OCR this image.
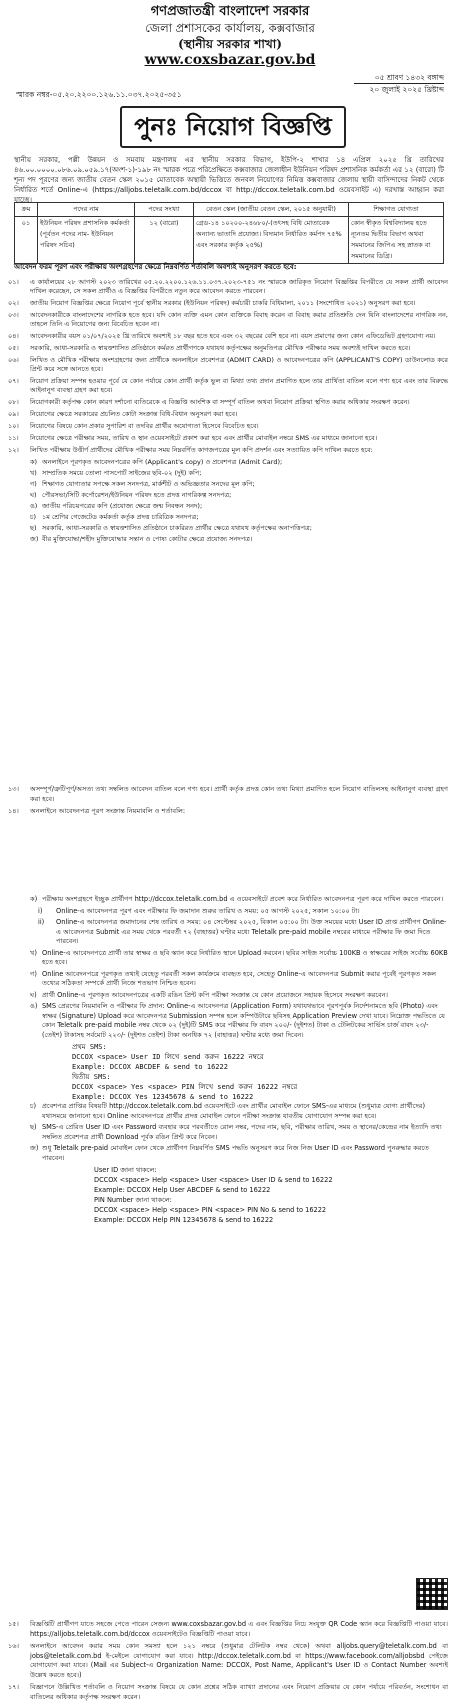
গণপ্রজাতন্ত্রী বাংলাদেশ সরকার
জেলা প্রশাসকের কার্যালয়, কক্সবাজার
(স্থানীয় সরকার শাখা)
www.coxsbazar.gov.bd
স্মারক নম্বর-০৫.২০.২২০০.১২৬.১১.০৩৭.২০২৫-৩৫১
০৫ শ্রাবণ ১৪৩২ বঙ্গাব্দ
২০ জুলাই ২০২৫ খ্রিষ্টাব্দ
পুনঃ নিয়োগ বিজ্ঞপ্তি
স্থানীয় সরকার, পল্লী উন্নয়ন ও সমবায় মন্ত্রণালয় এর স্থানীয় সরকার বিভাগ, ইউপি-২ শাখার ১৪ এপ্রিল ২০২৫ খ্রি তারিখের ৪৬.০০.০০০০.০৮৬.০৯.০৫৯.১৭(অংশ-১)-১৯৮ নং স্মারক পত্রে পরিপ্রেক্ষিতে কক্সবাজার জেলাধীন ইউনিয়ন পরিষদ প্রশাসনিক কর্মকর্তা এর ১২ (বারো) টি শূন্য পদ পূরণের জন্য জাতীয় বেতন স্কেল ২০১৫ মোতাবেক অস্থায়ী ভিত্তিতে জনবল নিয়োগের নিমিত্ত কক্সবাজার জেলায় স্থায়ী বাসিন্দাদের নিকট থেকে নির্ধারিত শর্তে Online-এ (https://alljobs.teletalk.com.bd/dccox বা http://dccox.teletalk.com.bd ওয়েবসাইট এ) দরখাস্ত আহ্বান করা যাচ্ছে।
ক্রম	পদের নাম	পদের সংখ্যা	বেতন স্কেল (জাতীয় বেতন স্কেল, ২০১৫ অনুযায়ী)	শিক্ষাগত যোগ্যতা
০১	ইউনিয়ন পরিষদ প্রশাসনিক কর্মকর্তা (পূর্বতন পদের নাম- ইউনিয়ন পরিষদ সচিব)	১২ (বারো)	গ্রেড-১৪ ১০২০০-২৪৬৮০/-(তৎসহ বিধি মোতাবেক অন্যান্য ভাতাদি প্রযোজ্য। বিদ্যমান নির্ধারিত কর্মপদ ৭৫% এবং সরকার কর্তৃক ২৫%)	কোন স্বীকৃত বিশ্ববিদ্যালয় হতে ন্যূনতম দ্বিতীয় বিভাগ অথবা সমমানের জিপিএ সহ স্নাতক বা সমমানের ডিগ্রি।
আবেদন ফরম পূরণ এবং পরীক্ষায় অংশগ্রহণের ক্ষেত্রে নিম্নবর্ণিত শর্তাবলি অবশ্যই অনুসরণ করতে হবে:
০১। এ কার্যালয়ের ২৮ আগস্ট ২০২৩ তারিখের ০৫.২০.২২০০.১২৬.১১.০৩৭.২০২৩-৭৫১ নং স্মারকে জারিকৃত নিয়োগ বিজ্ঞপ্তির বিপরীতে যে সকল প্রার্থী আবেদন দাখিল করেছেন, সে সকল প্রার্থীও এ বিজ্ঞপ্তির বিপরীতে নতুন করে আবেদন করতে পারবেন।
০২। জাতীয় নিয়োগ বিজ্ঞপ্তির ক্ষেত্রে নিয়োগ পূর্বে স্থানীয় সরকার (ইউনিয়ন পরিষদ) কর্মচারী চাকরি বিধিমালা, ২০১১ (সংশোধিত ২০২১) অনুসরণ করা হবে।
০৩। আবেদনকারীকে বাংলাদেশের নাগরিক হতে হবে। যদি কোন ব্যক্তি এমন কোন ব্যক্তিকে বিবাহ করেন বা বিবাহ করার প্রতিশ্রুতি দেন যিনি বাংলাদেশের নাগরিক নন, তাহলে তিনি এ নিয়োগের জন্য বিবেচিত হবেন না।
০৪। আবেদনকারীর বয়স ০১/০৭/২০২৫ খ্রি তারিখে অবশ্যই ১৮ বছর হতে হবে এবং ৩২ বছরের বেশি হবে না। বয়স প্রমাণের জন্য কোন এফিডেভিট গ্রহণযোগ্য নয়।
০৫। সরকারি, আধা-সরকারি ও স্বায়ত্তশাসিত প্রতিষ্ঠানে কর্মরত প্রার্থীগণকে যথাযথ কর্তৃপক্ষের অনুমতিপত্র মৌখিক পরীক্ষার সময় অবশ্যই দাখিল করতে হবে।
০৬। লিখিত ও মৌখিক পরীক্ষায় অংশগ্রহণের জন্য প্রার্থীকে অনলাইনে প্রবেশপত্র (ADMIT CARD) ও আবেদনপত্রের কপি (APPLICANT'S COPY) ডাউনলোড করে প্রিন্ট করে সঙ্গে আনতে হবে।
০৭। নিয়োগ প্রক্রিয়া সম্পন্ন হওয়ার পূর্বে যে কোন পর্যায়ে কোন প্রার্থী কর্তৃক ভুল বা মিথ্যা তথ্য প্রদান প্রমাণিত হলে তার প্রার্থিতা বাতিল বলে গণ্য হবে এবং তার বিরুদ্ধে আইনানুগ ব্যবস্থা গ্রহণ করা হবে।
০৮। নিয়োগকারী কর্তৃপক্ষ কোন কারণ দর্শানো ব্যতিরেকে এ বিজ্ঞপ্তি আংশিক বা সম্পূর্ণ বাতিল অথবা নিয়োগ প্রক্রিয়া স্থগিত করার অধিকার সংরক্ষণ করেন।
০৯। নিয়োগের ক্ষেত্রে সরকারের প্রচলিত কোটা সংক্রান্ত বিধি-বিধান অনুসরণ করা হবে।
১০। নিয়োগের বিষয়ে কোন প্রকার সুপারিশ বা তদবির প্রার্থীর অযোগ্যতা হিসেবে বিবেচিত হবে।
১১। নিয়োগের ক্ষেত্রে পরীক্ষার সময়, তারিখ ও স্থান ওয়েবসাইটে প্রকাশ করা হবে এবং প্রার্থীর মোবাইল নম্বরে SMS এর মাধ্যমে জানানো হবে।
১২। লিখিত পরীক্ষায় উত্তীর্ণ প্রার্থীদের মৌখিক পরীক্ষার সময় নিম্নবর্ণিত কাগজপত্রের মূল কপি প্রদর্শন এবং সত্যায়িত কপি দাখিল করতে হবে:
ক) অনলাইনে পূরণকৃত আবেদনপত্রের কপি (Applicant's copy) ও প্রবেশপত্র (Admit Card);
খ) সাম্প্রতিক সময়ে তোলা পাসপোর্ট সাইজের ছবি-০২ (দুই) কপি;
গ) শিক্ষাগত যোগ্যতার সপক্ষে সকল সনদপত্র, মার্কশীট ও অভিজ্ঞতার সনদের মূল কপি;
ঘ) পৌরসভা/সিটি কর্পোরেশন/ইউনিয়ন পরিষদ হতে প্রদত্ত নাগরিকত্ব সনদপত্র;
ঙ) জাতীয় পরিচয়পত্রের কপি (প্রযোজ্য ক্ষেত্রে জন্ম নিবন্ধন সনদ);
চ) ১ম শ্রেণির গেজেটেড কর্মকর্তা কর্তৃক প্রদত্ত চারিত্রিক সনদপত্র;
ছ) সরকারি, আধা-সরকারি ও স্বায়ত্তশাসিত প্রতিষ্ঠানে চাকরিরত প্রার্থীর ক্ষেত্রে যথাযথ কর্তৃপক্ষের অনাপত্তিপত্র;
জ) বীর মুক্তিযোদ্ধা/শহীদ মুক্তিযোদ্ধার সন্তান ও পোষ্য কোটার ক্ষেত্রে প্রযোজ্য সনদপত্র।
১৩। অসম্পূর্ণ/ত্রুটিপূর্ণ/অসত্য তথ্য সম্বলিত আবেদন বাতিল বলে গণ্য হবে। প্রার্থী কর্তৃক প্রদত্ত কোন তথ্য মিথ্যা প্রমাণিত হলে নিয়োগ বাতিলসহ আইনানুগ ব্যবস্থা গ্রহণ করা হবে।
১৪। অনলাইনে আবেদনপত্র পূরণ সংক্রান্ত নিয়মাবলি ও শর্তাবলি:
ক) পরীক্ষায় অংশগ্রহণে ইচ্ছুক প্রার্থীগণ http://dccox.teletalk.com.bd এ ওয়েবসাইটে প্রবেশ করে নির্ধারিত আবেদনপত্র পূরণ করে দাখিল করতে পারবেন।
i) Online-এ আবেদনপত্র পূরণ এবং পরীক্ষার ফি জমাদান শুরুর তারিখ ও সময়: ০৫ আগস্ট ২০২৫, সকাল ১০:০০ টা।
ii) Online-এ আবেদনপত্র জমাদানের শেষ তারিখ ও সময়: ০৪ সেপ্টেম্বর ২০২৫, বিকাল ০৫:০০ টা। উক্ত সময়ের মধ্যে User ID প্রাপ্ত প্রার্থীগণ Online-এ আবেদনপত্র Submit এর সময় থেকে পরবর্তী ৭২ (বাহাত্তর) ঘণ্টার মধ্যে Teletalk pre-paid mobile নম্বরের মাধ্যমে পরীক্ষার ফি জমা দিতে পারবেন।
খ) Online-এ আবেদনপত্রে প্রার্থী তার স্বাক্ষর ও ছবি স্ক্যান করে নির্ধারিত স্থানে Upload করবেন। ছবির সাইজ সর্বোচ্চ 100KB ও স্বাক্ষরের সাইজ সর্বোচ্চ 60KB হতে হবে।
গ) Online আবেদনপত্রে পূরণকৃত তথ্যই যেহেতু পরবর্তী সকল কার্যক্রমে ব্যবহৃত হবে, সেহেতু Online-এ আবেদনপত্র Submit করার পূর্বেই পূরণকৃত সকল তথ্যের সঠিকতা সম্পর্কে প্রার্থী নিজে শতভাগ নিশ্চিত হবেন।
ঘ) প্রার্থী Online-এ পূরণকৃত আবেদনপত্রের একটি রঙিন প্রিন্ট কপি পরীক্ষা সংক্রান্ত যে কোন প্রয়োজনে সহায়ক হিসেবে সংরক্ষণ করবেন।
ঙ) SMS প্রেরণের নিয়মাবলি ও পরীক্ষার ফি প্রদান: Online-এ আবেদনপত্র (Application Form) যথাযথভাবে পূরণপূর্বক নির্দেশনামতে ছবি (Photo) এবং স্বাক্ষর (Signature) Upload করে আবেদনপত্র Submission সম্পন্ন হলে কম্পিউটারে ছবিসহ Application Preview দেখা যাবে। নিম্নোক্ত পদ্ধতিতে যে কোন Teletalk pre-paid mobile নম্বর থেকে ০২ (দুই)টি SMS করে পরীক্ষার ফি বাবদ ২০০/- (দুইশত) টাকা ও টেলিটকের সার্ভিস চার্জ বাবদ ২৩/- (তেইশ) টাকাসহ সর্বমোট ২২৩/- (দুইশত তেইশ) টাকা অনধিক ৭২ (বাহাত্তর) ঘণ্টার মধ্যে জমা দিবেন।
প্রথম SMS:
DCCOX <space> User ID লিখে send করুন 16222 নম্বরে
Example: DCCOX ABCDEF & send to 16222
দ্বিতীয় SMS:
DCCOX <space> Yes <space> PIN লিখে send করুন 16222 নম্বরে
Example: DCCOX Yes 12345678 & send to 16222
চ) প্রবেশপত্র প্রাপ্তির বিষয়টি http://dccox.teletalk.com.bd ওয়েবসাইটে এবং প্রার্থীর মোবাইল ফোনে SMS-এর মাধ্যমে (শুধুমাত্র যোগ্য প্রার্থীদের) যথাসময়ে জানানো হবে। Online আবেদনপত্রে প্রার্থীর প্রদত্ত মোবাইল ফোনে পরীক্ষা সংক্রান্ত যাবতীয় যোগাযোগ সম্পন্ন করা হবে।
ছ) SMS-এ প্রেরিত User ID এবং Password ব্যবহার করে পরবর্তীতে রোল নম্বর, পদের নাম, ছবি, পরীক্ষার তারিখ, সময় ও স্থানের/কেন্দ্রের নাম ইত্যাদি তথ্য সম্বলিত প্রবেশপত্র প্রার্থী Download পূর্বক রঙিন প্রিন্ট করে নিবেন।
জ) শুধু Teletalk pre-paid মোবাইল ফোন থেকে প্রার্থীগণ নিম্নবর্ণিত SMS পদ্ধতি অনুসরণ করে নিজ নিজ User ID এবং Password পুনরুদ্ধার করতে পারবেন।
User ID জানা থাকলে:
DCCOX <space> Help <space> User <space> User ID & send to 16222
Example: DCCOX Help User ABCDEF & send to 16222
PIN Number জানা থাকলে:
DCCOX <space> Help <space> PIN <space> PIN No & send to 16222
Example: DCCOX Help PIN 12345678 & send to 16222
১৫। বিজ্ঞপ্তিটি প্রার্থীগণ যাতে সহজে পেতে পারেন সেজন্য www.coxsbazar.gov.bd এ এবং বিজ্ঞপ্তির নিচে সংযুক্ত QR Code স্ক্যান করে বিজ্ঞপ্তিটি পাওয়া যাবে। https://alljobs.teletalk.com.bd/dccox ওয়েবসাইটেও বিজ্ঞপ্তিটি পাওয়া যাবে।
১৬। অনলাইনে আবেদন করার সময় কোন সমস্যা হলে ১২১ নম্বরে (শুধুমাত্র টেলিটক নম্বর থেকে) অথবা alljobs.query@teletalk.com.bd বা jobs@teletalk.com.bd ই-মেইলে যোগাযোগ করা যাবে। http://dccox.teletalk.com.bd বা https://www.facebook.com/alljobsbd পেইজে যোগাযোগ করা যাবে। (Mail এর Subject-এ Organization Name: DCCOX, Post Name, Applicant's User ID ও Contact Number অবশ্যই উল্লেখ করতে হবে।)
১৭। বিজ্ঞাপনে উল্লিখিত শর্তাবলি ও নিয়োগ সংক্রান্ত বিষয়ে যে কোন প্রশ্নের সঠিক ব্যাখ্যা প্রদানের এবং নিয়োগ প্রক্রিয়ার যে কোন পর্যায়ে পরিবর্তন, সংশোধন বা বাতিলের অধিকার কর্তৃপক্ষ সংরক্ষণ করেন।
